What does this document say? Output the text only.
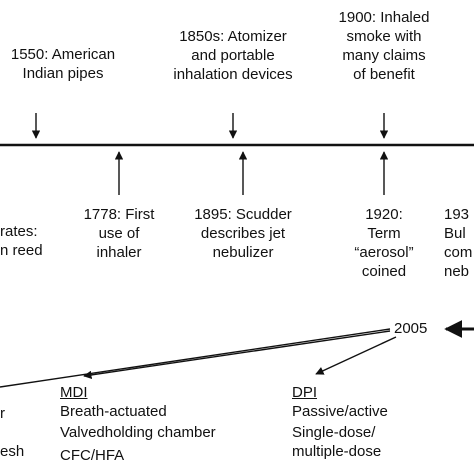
1550: American
Indian pipes
1850s: Atomizer
and portable
inhalation devices
1900: Inhaled
smoke with
many claims
of benefit
rates:
n reed
1778: First
use of
inhaler
1895: Scudder
describes jet
nebulizer
1920:
Term
“aerosol”
coined
193
Bul
com
neb
2005
r
esh
MDI
Breath-actuated
Valvedholding chamber
CFC/HFA
DPI
Passive/active
Single-dose/
multiple-dose
